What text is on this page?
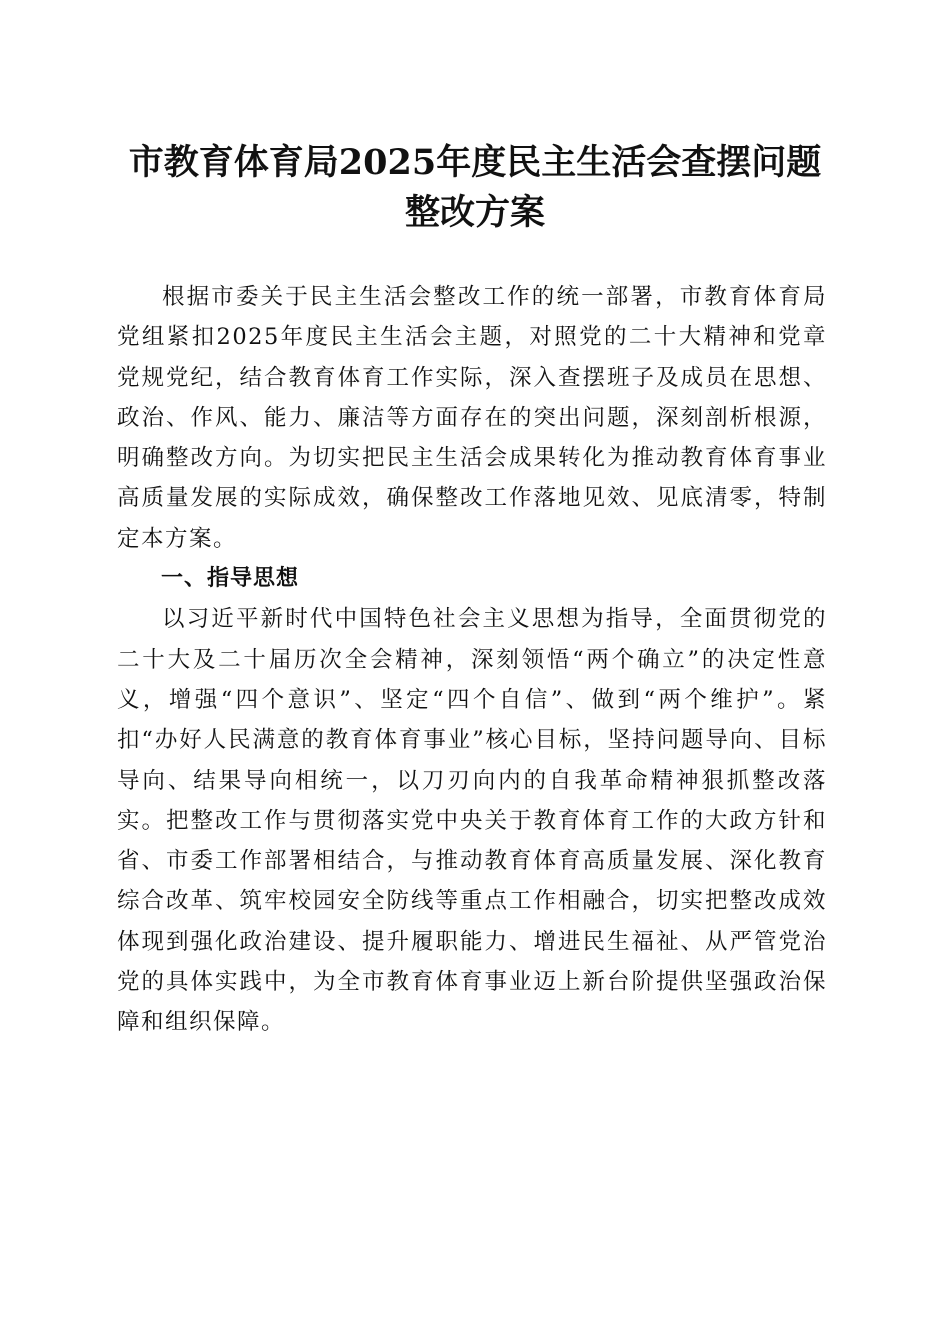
市教育体育局2025年度民主生活会查摆问题
整改方案

根据市委关于民主生活会整改工作的统一部署，市教育体育局党组紧扣2025年度民主生活会主题，对照党的二十大精神和党章党规党纪，结合教育体育工作实际，深入查摆班子及成员在思想、政治、作风、能力、廉洁等方面存在的突出问题，深刻剖析根源，明确整改方向。为切实把民主生活会成果转化为推动教育体育事业高质量发展的实际成效，确保整改工作落地见效、见底清零，特制定本方案。

一、指导思想

以习近平新时代中国特色社会主义思想为指导，全面贯彻党的二十大及二十届历次全会精神，深刻领悟“两个确立”的决定性意义，增强“四个意识”、坚定“四个自信”、做到“两个维护”。紧扣“办好人民满意的教育体育事业”核心目标，坚持问题导向、目标导向、结果导向相统一，以刀刃向内的自我革命精神狠抓整改落实。把整改工作与贯彻落实党中央关于教育体育工作的大政方针和省、市委工作部署相结合，与推动教育体育高质量发展、深化教育综合改革、筑牢校园安全防线等重点工作相融合，切实把整改成效体现到强化政治建设、提升履职能力、增进民生福祉、从严管党治党的具体实践中，为全市教育体育事业迈上新台阶提供坚强政治保障和组织保障。
